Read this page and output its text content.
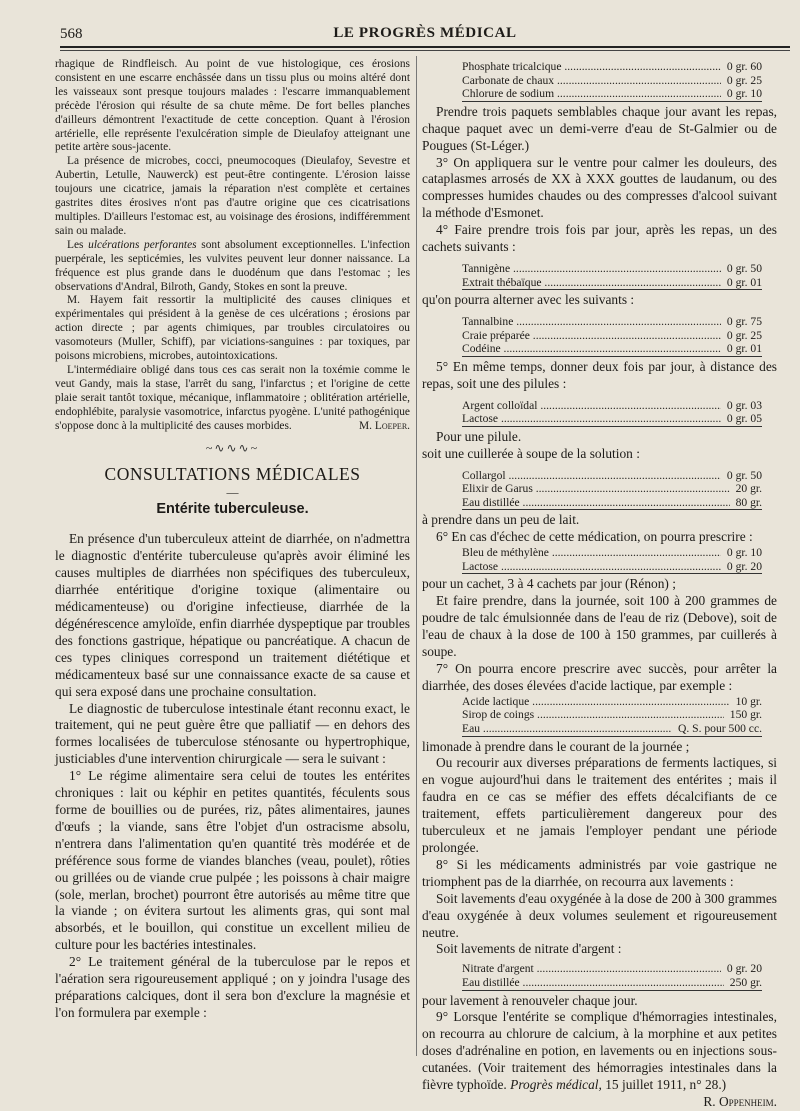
568	LE PROGRÈS MÉDICAL

rhagique de Rindfleisch. Au point de vue histologique, ces érosions consistent en une escarre enchâssée dans un tissu plus ou moins altéré dont les vaisseaux sont presque toujours malades : l'escarre immanquablement précède l'érosion qui résulte de sa chute même. De fort belles planches d'ailleurs démontrent l'exactitude de cette conception. Quant à l'érosion artérielle, elle représente l'exulcération simple de Dieulafoy atteignant une petite artère sous-jacente.

La présence de microbes, cocci, pneumocoques (Dieulafoy, Sevestre et Aubertin, Letulle, Nauwerck) est peut-être contingente. L'érosion laisse toujours une cicatrice, jamais la réparation n'est complète et certaines gastrites dites érosives n'ont pas d'autre origine que ces cicatrisations multiples. D'ailleurs l'estomac est, au voisinage des érosions, indifféremment sain ou malade.

Les ulcérations perforantes sont absolument exceptionnelles. L'infection puerpérale, les septicémies, les vulvites peuvent leur donner naissance. La fréquence est plus grande dans le duodénum que dans l'estomac ; les observations d'Andral, Bilroth, Gandy, Stokes en sont la preuve.

M. Hayem fait ressortir la multiplicité des causes cliniques et expérimentales qui président à la genèse de ces ulcérations ; érosions par action directe ; par agents chimiques, par troubles circulatoires ou vasomoteurs (Muller, Schiff), par viciations-sanguines : par toxiques, par poisons microbiens, microbes, autointoxications.

L'intermédiaire obligé dans tous ces cas serait non la toxémie comme le veut Gandy, mais la stase, l'arrêt du sang, l'infarctus ; et l'origine de cette plaie serait tantôt toxique, mécanique, inflammatoire ; oblitération artérielle, endophlébite, paralysie vasomotrice, infarctus pyogène. L'unité pathogénique s'oppose donc à la multiplicité des causes morbides.	M. Loeper.

~∿∿∿~
CONSULTATIONS MÉDICALES
—
Entérite tuberculeuse.

En présence d'un tuberculeux atteint de diarrhée, on n'admettra le diagnostic d'entérite tuberculeuse qu'après avoir éliminé les causes multiples de diarrhées non spécifiques des tuberculeux, diarrhée entéritique d'origine toxique (alimentaire ou médicamenteuse) ou d'origine infectieuse, diarrhée de la dégénérescence amyloïde, enfin diarrhée dyspeptique par troubles des fonctions gastrique, hépatique ou pancréatique. A chacun de ces types cliniques correspond un traitement diététique et médicamenteux basé sur une connaissance exacte de sa cause et qui sera exposé dans une prochaine consultation.

Le diagnostic de tuberculose intestinale étant reconnu exact, le traitement, qui ne peut guère être que palliatif — en dehors des formes localisées de tuberculose sténosante ou hypertrophique, justiciables d'une intervention chirurgicale — sera le suivant :

1° Le régime alimentaire sera celui de toutes les entérites chroniques : lait ou képhir en petites quantités, féculents sous forme de bouillies ou de purées, riz, pâtes alimentaires, jaunes d'œufs ; la viande, sans être l'objet d'un ostracisme absolu, n'entrera dans l'alimentation qu'en quantité très modérée et de préférence sous forme de viandes blanches (veau, poulet), rôties ou grillées ou de viande crue pulpée ; les poissons à chair maigre (sole, merlan, brochet) pourront être autorisés au même titre que la viande ; on évitera surtout les aliments gras, qui sont mal absorbés, et le bouillon, qui constitue un excellent milieu de culture pour les bactéries intestinales.

2° Le traitement général de la tuberculose par le repos et l'aération sera rigoureusement appliqué ; on y joindra l'usage des préparations calciques, dont il sera bon d'exclure la magnésie et l'on formulera par exemple :

Phosphate tricalcique .....	0 gr. 60
Carbonate de chaux .....	0 gr. 25
Chlorure de sodium .....	0 gr. 10

Prendre trois paquets semblables chaque jour avant les repas, chaque paquet avec un demi-verre d'eau de St-Galmier ou de Pougues (St-Léger.)

3° On appliquera sur le ventre pour calmer les douleurs, des cataplasmes arrosés de XX à XXX gouttes de laudanum, ou des compresses humides chaudes ou des compresses d'alcool suivant la méthode d'Esmonet.

4° Faire prendre trois fois par jour, après les repas, un des cachets suivants :

Tannigène .....	0 gr. 50
Extrait thébaïque .....	0 gr. 01

qu'on pourra alterner avec les suivants :

Tannalbine .....	0 gr. 75
Craie préparée .....	0 gr. 25
Codéine .....	0 gr. 01

5° En même temps, donner deux fois par jour, à distance des repas, soit une des pilules :

Argent colloïdal .....	0 gr. 03
Lactose .....	0 gr. 05

Pour une pilule.

soit une cuillerée à soupe de la solution :

Collargol .....	0 gr. 50
Elixir de Garus .....	20 gr.
Eau distillée .....	80 gr.

à prendre dans un peu de lait.

6° En cas d'échec de cette médication, on pourra prescrire :

Bleu de méthylène .....	0 gr. 10
Lactose .....	0 gr. 20

pour un cachet, 3 à 4 cachets par jour (Rénon) ;

Et faire prendre, dans la journée, soit 100 à 200 grammes de poudre de talc émulsionnée dans de l'eau de riz (Debove), soit de l'eau de chaux à la dose de 100 à 150 grammes, par cuillerés à soupe.

7° On pourra encore prescrire avec succès, pour arrêter la diarrhée, des doses élevées d'acide lactique, par exemple :

Acide lactique .....	10 gr.
Sirop de coings .....	150 gr.
Eau .....	Q. S. pour 500 cc.

limonade à prendre dans le courant de la journée ;

Ou recourir aux diverses préparations de ferments lactiques, si en vogue aujourd'hui dans le traitement des entérites ; mais il faudra en ce cas se méfier des effets décalcifiants de ce traitement, effets particulièrement dangereux pour des tuberculeux et ne jamais l'employer pendant une période prolongée.

8° Si les médicaments administrés par voie gastrique ne triomphent pas de la diarrhée, on recourra aux lavements :

Soit lavements d'eau oxygénée à la dose de 200 à 300 grammes d'eau oxygénée à deux volumes seulement et rigoureusement neutre.

Soit lavements de nitrate d'argent :

Nitrate d'argent .....	0 gr. 20
Eau distillée .....	250 gr.

pour lavement à renouveler chaque jour.

9° Lorsque l'entérite se complique d'hémorragies intestinales, on recourra au chlorure de calcium, à la morphine et aux petites doses d'adrénaline en potion, en lavements ou en injections sous-cutanées. (Voir traitement des hémorragies intestinales dans la fièvre typhoïde. Progrès médical, 15 juillet 1911, n° 28.)
R. Oppenheim.
